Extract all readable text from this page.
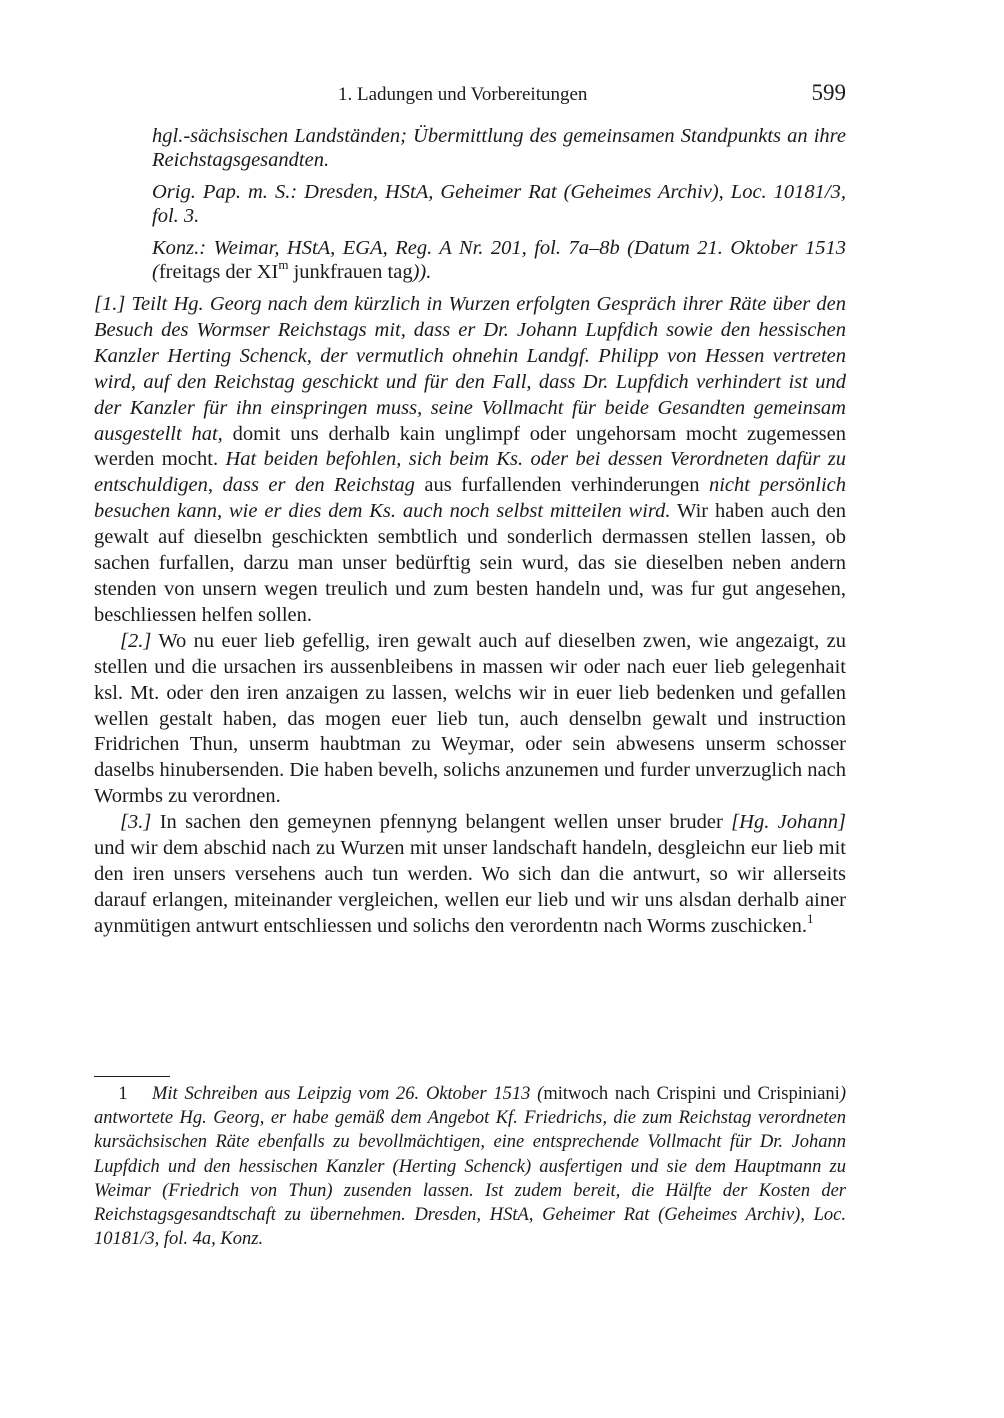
1. Ladungen und Vorbereitungen	599

hgl.-sächsischen Landständen; Übermittlung des gemeinsamen Standpunkts an ihre Reichstagsgesandten.

Orig. Pap. m. S.: Dresden, HStA, Geheimer Rat (Geheimes Archiv), Loc. 10181/3, fol. 3.

Konz.: Weimar, HStA, EGA, Reg. A Nr. 201, fol. 7a–8b (Datum 21. Oktober 1513 (freitags der $XI^m$ junkfrauen tag)).

[1.] Teilt Hg. Georg nach dem kürzlich in Wurzen erfolgten Gespräch ihrer Räte über den Besuch des Wormser Reichstags mit, dass er Dr. Johann Lupfdich sowie den hessischen Kanzler Herting Schenck, der vermutlich ohnehin Landgf. Philipp von Hessen vertreten wird, auf den Reichstag geschickt und für den Fall, dass Dr. Lupfdich verhindert ist und der Kanzler für ihn einspringen muss, seine Vollmacht für beide Gesandten gemeinsam ausgestellt hat, domit uns derhalb kain unglimpf oder ungehorsam mocht zugemessen werden mocht. Hat beiden befohlen, sich beim Ks. oder bei dessen Verordneten dafür zu entschuldigen, dass er den Reichstag aus furfallenden verhinderungen nicht persönlich besuchen kann, wie er dies dem Ks. auch noch selbst mitteilen wird. Wir haben auch den gewalt auf dieselbn geschickten sembtlich und sonderlich dermassen stellen lassen, ob sachen furfallen, darzu man unser bedürftig sein wurd, das sie dieselben neben andern stenden von unsern wegen treulich und zum besten handeln und, was fur gut angesehen, beschliessen helfen sollen.

[2.] Wo nu euer lieb gefellig, iren gewalt auch auf dieselben zwen, wie angezaigt, zu stellen und die ursachen irs aussenbleibens in massen wir oder nach euer lieb gelegenhait ksl. Mt. oder den iren anzaigen zu lassen, welchs wir in euer lieb bedenken und gefallen wellen gestalt haben, das mogen euer lieb tun, auch denselbn gewalt und instruction Fridrichen Thun, unserm haubtman zu Weymar, oder sein abwesens unserm schosser daselbs hinubersenden. Die haben bevelh, solichs anzunemen und furder unverzuglich nach Wormbs zu verordnen.

[3.] In sachen den gemeynen pfennyng belangent wellen unser bruder [Hg. Johann] und wir dem abschid nach zu Wurzen mit unser landschaft handeln, desgleichn eur lieb mit den iren unsers versehens auch tun werden. Wo sich dan die antwurt, so wir allerseits darauf erlangen, miteinander vergleichen, wellen eur lieb und wir uns alsdan derhalb ainer aynmütigen antwurt entschliessen und solichs den verordentn nach Worms zuschicken.$^1$

1 Mit Schreiben aus Leipzig vom 26. Oktober 1513 (mitwoch nach Crispini und Crispiniani) antwortete Hg. Georg, er habe gemäß dem Angebot Kf. Friedrichs, die zum Reichstag verordneten kursächsischen Räte ebenfalls zu bevollmächtigen, eine entsprechende Vollmacht für Dr. Johann Lupfdich und den hessischen Kanzler (Herting Schenck) ausfertigen und sie dem Hauptmann zu Weimar (Friedrich von Thun) zusenden lassen. Ist zudem bereit, die Hälfte der Kosten der Reichstagsgesandtschaft zu übernehmen. Dresden, HStA, Geheimer Rat (Geheimes Archiv), Loc. 10181/3, fol. 4a, Konz.
